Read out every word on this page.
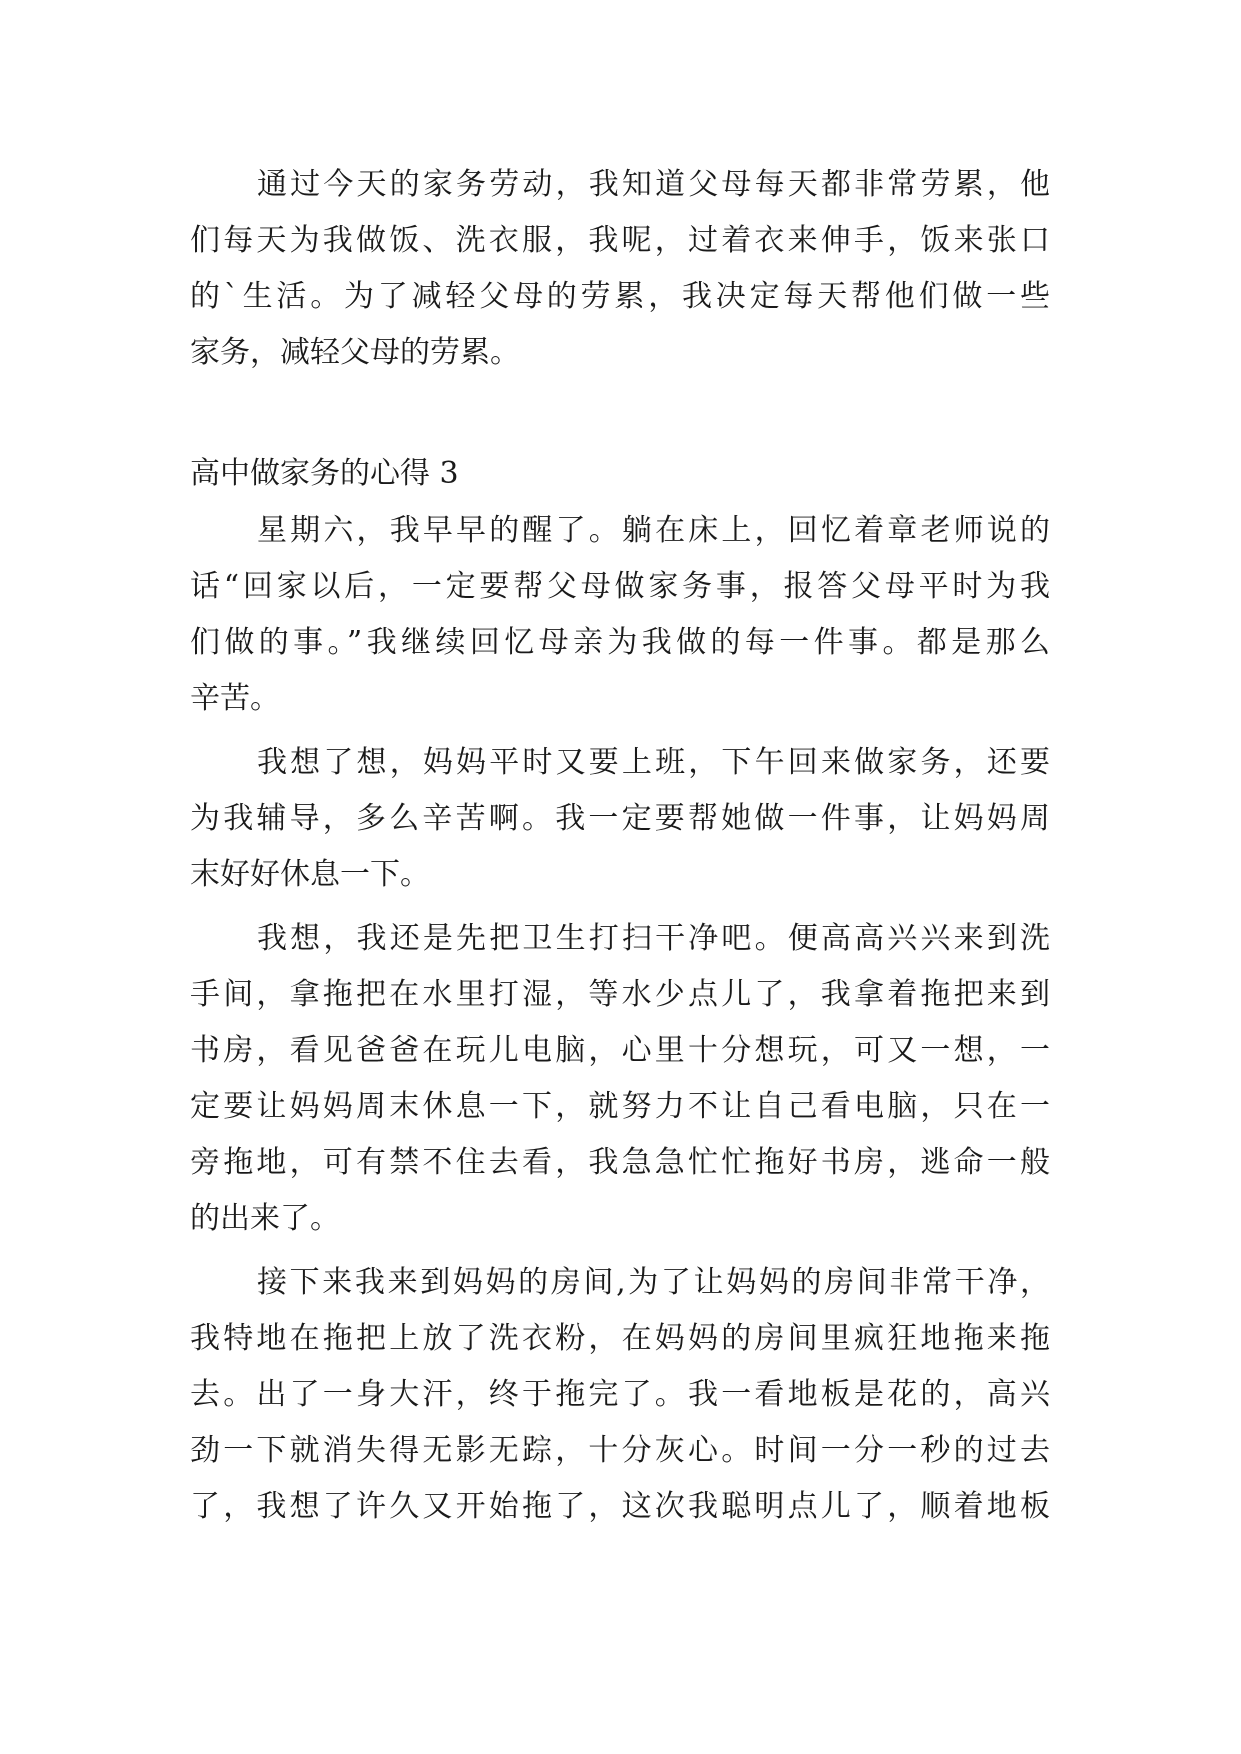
通过今天的家务劳动，我知道父母每天都非常劳累，他
们每天为我做饭、洗衣服，我呢，过着衣来伸手，饭来张口
的`生活。为了减轻父母的劳累，我决定每天帮他们做一些
家务，减轻父母的劳累。
高中做家务的心得 3
星期六，我早早的醒了。躺在床上，回忆着章老师说的
话“回家以后，一定要帮父母做家务事，报答父母平时为我
们做的事。”我继续回忆母亲为我做的每一件事。都是那么
辛苦。
我想了想，妈妈平时又要上班，下午回来做家务，还要
为我辅导，多么辛苦啊。我一定要帮她做一件事，让妈妈周
末好好休息一下。
我想，我还是先把卫生打扫干净吧。便高高兴兴来到洗
手间，拿拖把在水里打湿，等水少点儿了，我拿着拖把来到
书房，看见爸爸在玩儿电脑，心里十分想玩，可又一想，一
定要让妈妈周末休息一下，就努力不让自己看电脑，只在一
旁拖地，可有禁不住去看，我急急忙忙拖好书房，逃命一般
的出来了。
接下来我来到妈妈的房间,为了让妈妈的房间非常干净，
我特地在拖把上放了洗衣粉，在妈妈的房间里疯狂地拖来拖
去。出了一身大汗，终于拖完了。我一看地板是花的，高兴
劲一下就消失得无影无踪，十分灰心。时间一分一秒的过去
了，我想了许久又开始拖了，这次我聪明点儿了，顺着地板
